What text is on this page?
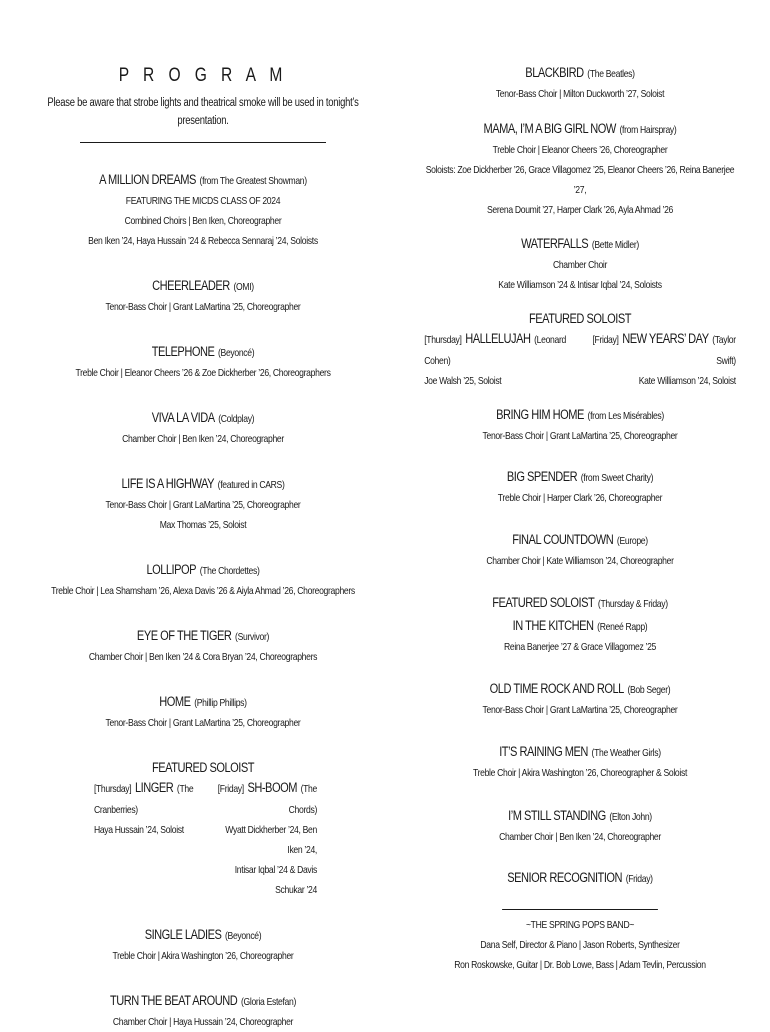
P R O G R A M
Please be aware that strobe lights and theatrical smoke will be used in tonight’s presentation.
A MILLION DREAMS (from The Greatest Showman)
FEATURING THE MICDS CLASS OF 2024
Combined Choirs | Ben Iken, Choreographer
Ben Iken ’24, Haya Hussain ’24 & Rebecca Sennaraj ’24, Soloists
CHEERLEADER (OMI)
Tenor-Bass Choir | Grant LaMartina ’25, Choreographer
TELEPHONE (Beyoncé)
Treble Choir | Eleanor Cheers ’26 & Zoe Dickherber ’26, Choreographers
VIVA LA VIDA (Coldplay)
Chamber Choir | Ben Iken ’24, Choreographer
LIFE IS A HIGHWAY (featured in CARS)
Tenor-Bass Choir | Grant LaMartina ’25, Choreographer
Max Thomas ’25, Soloist
LOLLIPOP (The Chordettes)
Treble Choir | Lea Shamsham ’26, Alexa Davis ’26 & Aiyla Ahmad ’26, Choreographers
EYE OF THE TIGER (Survivor)
Chamber Choir | Ben Iken ’24 & Cora Bryan ’24, Choreographers
HOME (Phillip Phillips)
Tenor-Bass Choir | Grant LaMartina ’25, Choreographer
FEATURED SOLOIST
[Thursday] LINGER (The Cranberries)
Haya Hussain ’24, Soloist
[Friday] SH-BOOM (The Chords)
Wyatt Dickherber ’24, Ben Iken ’24,
Intisar Iqbal ’24 & Davis Schukar ’24
SINGLE LADIES (Beyoncé)
Treble Choir | Akira Washington ’26, Choreographer
TURN THE BEAT AROUND (Gloria Estefan)
Chamber Choir | Haya Hussain ’24, Choreographer
BLACKBIRD (The Beatles)
Tenor-Bass Choir | Milton Duckworth ’27, Soloist
MAMA, I’M A BIG GIRL NOW (from Hairspray)
Treble Choir | Eleanor Cheers ’26, Choreographer
Soloists: Zoe Dickherber ’26, Grace Villagomez ’25, Eleanor Cheers ’26, Reina Banerjee ’27,
Serena Doumit ’27, Harper Clark ’26, Ayla Ahmad ’26
WATERFALLS (Bette Midler)
Chamber Choir
Kate Williamson ’24 & Intisar Iqbal ’24, Soloists
FEATURED SOLOIST
[Thursday] HALLELUJAH (Leonard Cohen)
Joe Walsh ’25, Soloist
[Friday] NEW YEARS’ DAY (Taylor Swift)
Kate Williamson ’24, Soloist
BRING HIM HOME (from Les Misérables)
Tenor-Bass Choir | Grant LaMartina ’25, Choreographer
BIG SPENDER (from Sweet Charity)
Treble Choir | Harper Clark ’26, Choreographer
FINAL COUNTDOWN (Europe)
Chamber Choir | Kate Williamson ’24, Choreographer
FEATURED SOLOIST (Thursday & Friday)
IN THE KITCHEN (Reneé Rapp)
Reina Banerjee ’27 & Grace Villagomez ’25
OLD TIME ROCK AND ROLL (Bob Seger)
Tenor-Bass Choir | Grant LaMartina ’25, Choreographer
IT’S RAINING MEN (The Weather Girls)
Treble Choir | Akira Washington ’26, Choreographer & Soloist
I’M STILL STANDING (Elton John)
Chamber Choir | Ben Iken ’24, Choreographer
SENIOR RECOGNITION (Friday)
~THE SPRING POPS BAND~
Dana Self, Director & Piano | Jason Roberts, Synthesizer
Ron Roskowske, Guitar | Dr. Bob Lowe, Bass | Adam Tevlin, Percussion
